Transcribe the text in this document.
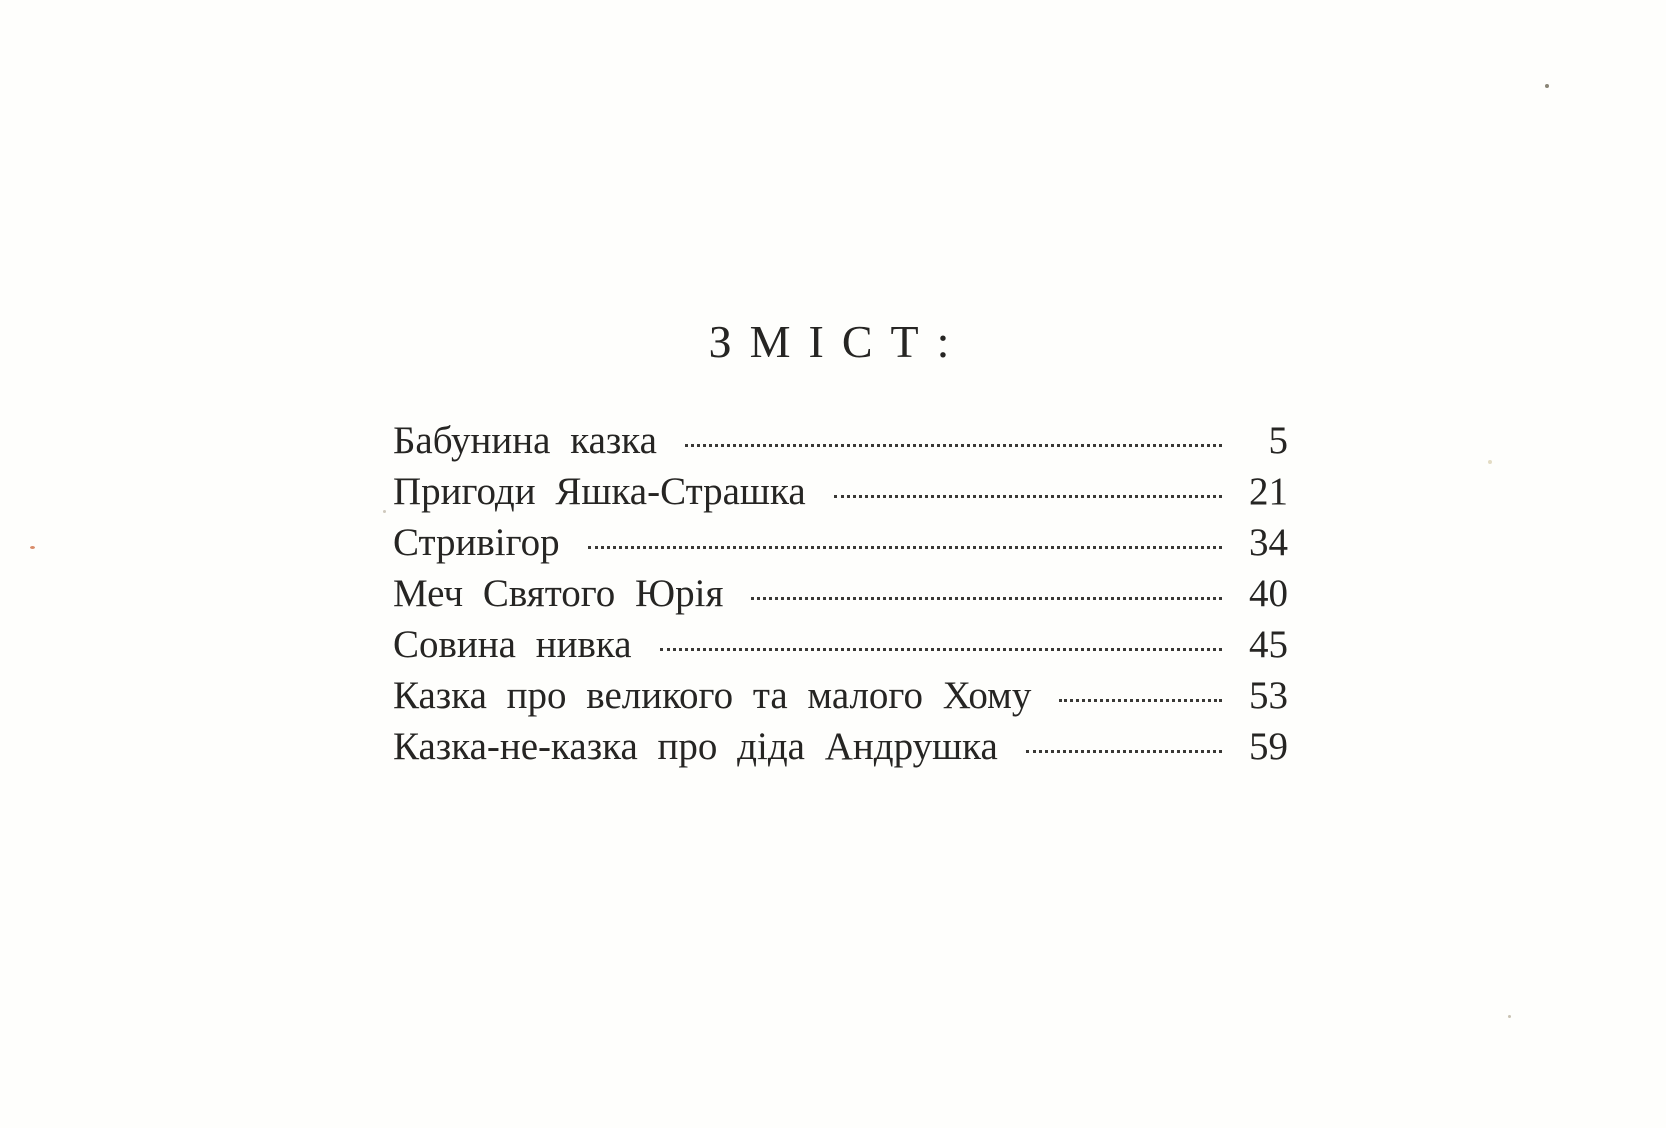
ЗМІСТ:
Бабунина казка	5
Пригоди Яшка-Страшка	21
Стривігор	34
Меч Святого Юрія	40
Совина нивка	45
Казка про великого та малого Хому	53
Казка-не-казка про діда Андрушка	59
